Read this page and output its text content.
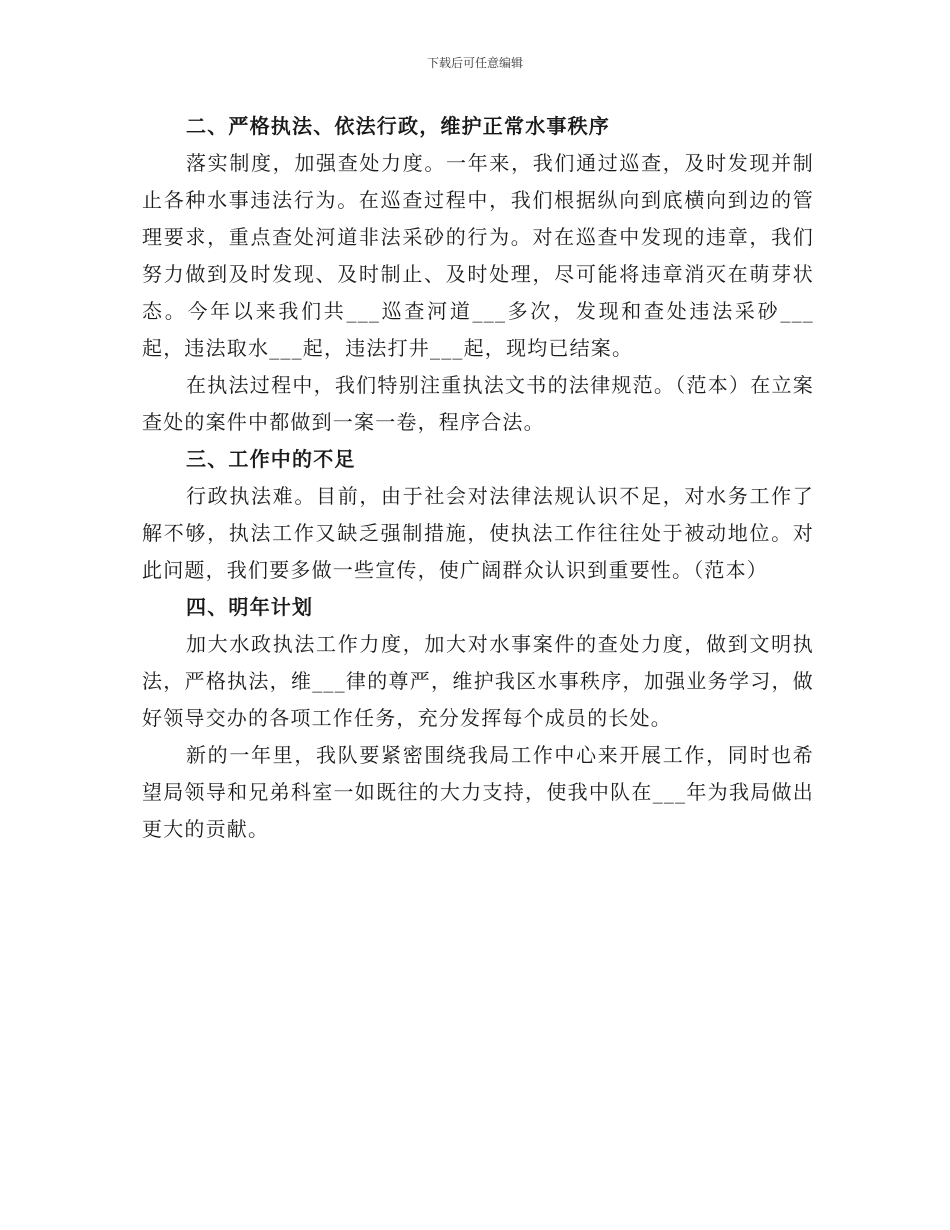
下载后可任意编辑

二、严格执法、依法行政，维护正常水事秩序

落实制度，加强查处力度。一年来，我们通过巡查，及时发现并制止各种水事违法行为。在巡查过程中，我们根据纵向到底横向到边的管理要求，重点查处河道非法采砂的行为。对在巡查中发现的违章，我们努力做到及时发现、及时制止、及时处理，尽可能将违章消灭在萌芽状态。今年以来我们共___巡查河道___多次，发现和查处违法采砂___起，违法取水___起，违法打井___起，现均已结案。

在执法过程中，我们特别注重执法文书的法律规范。（范本）在立案查处的案件中都做到一案一卷，程序合法。

三、工作中的不足

行政执法难。目前，由于社会对法律法规认识不足，对水务工作了解不够，执法工作又缺乏强制措施，使执法工作往往处于被动地位。对此问题，我们要多做一些宣传，使广阔群众认识到重要性。（范本）

四、明年计划

加大水政执法工作力度，加大对水事案件的查处力度，做到文明执法，严格执法，维___律的尊严，维护我区水事秩序，加强业务学习，做好领导交办的各项工作任务，充分发挥每个成员的长处。

新的一年里，我队要紧密围绕我局工作中心来开展工作，同时也希望局领导和兄弟科室一如既往的大力支持，使我中队在___年为我局做出更大的贡献。
